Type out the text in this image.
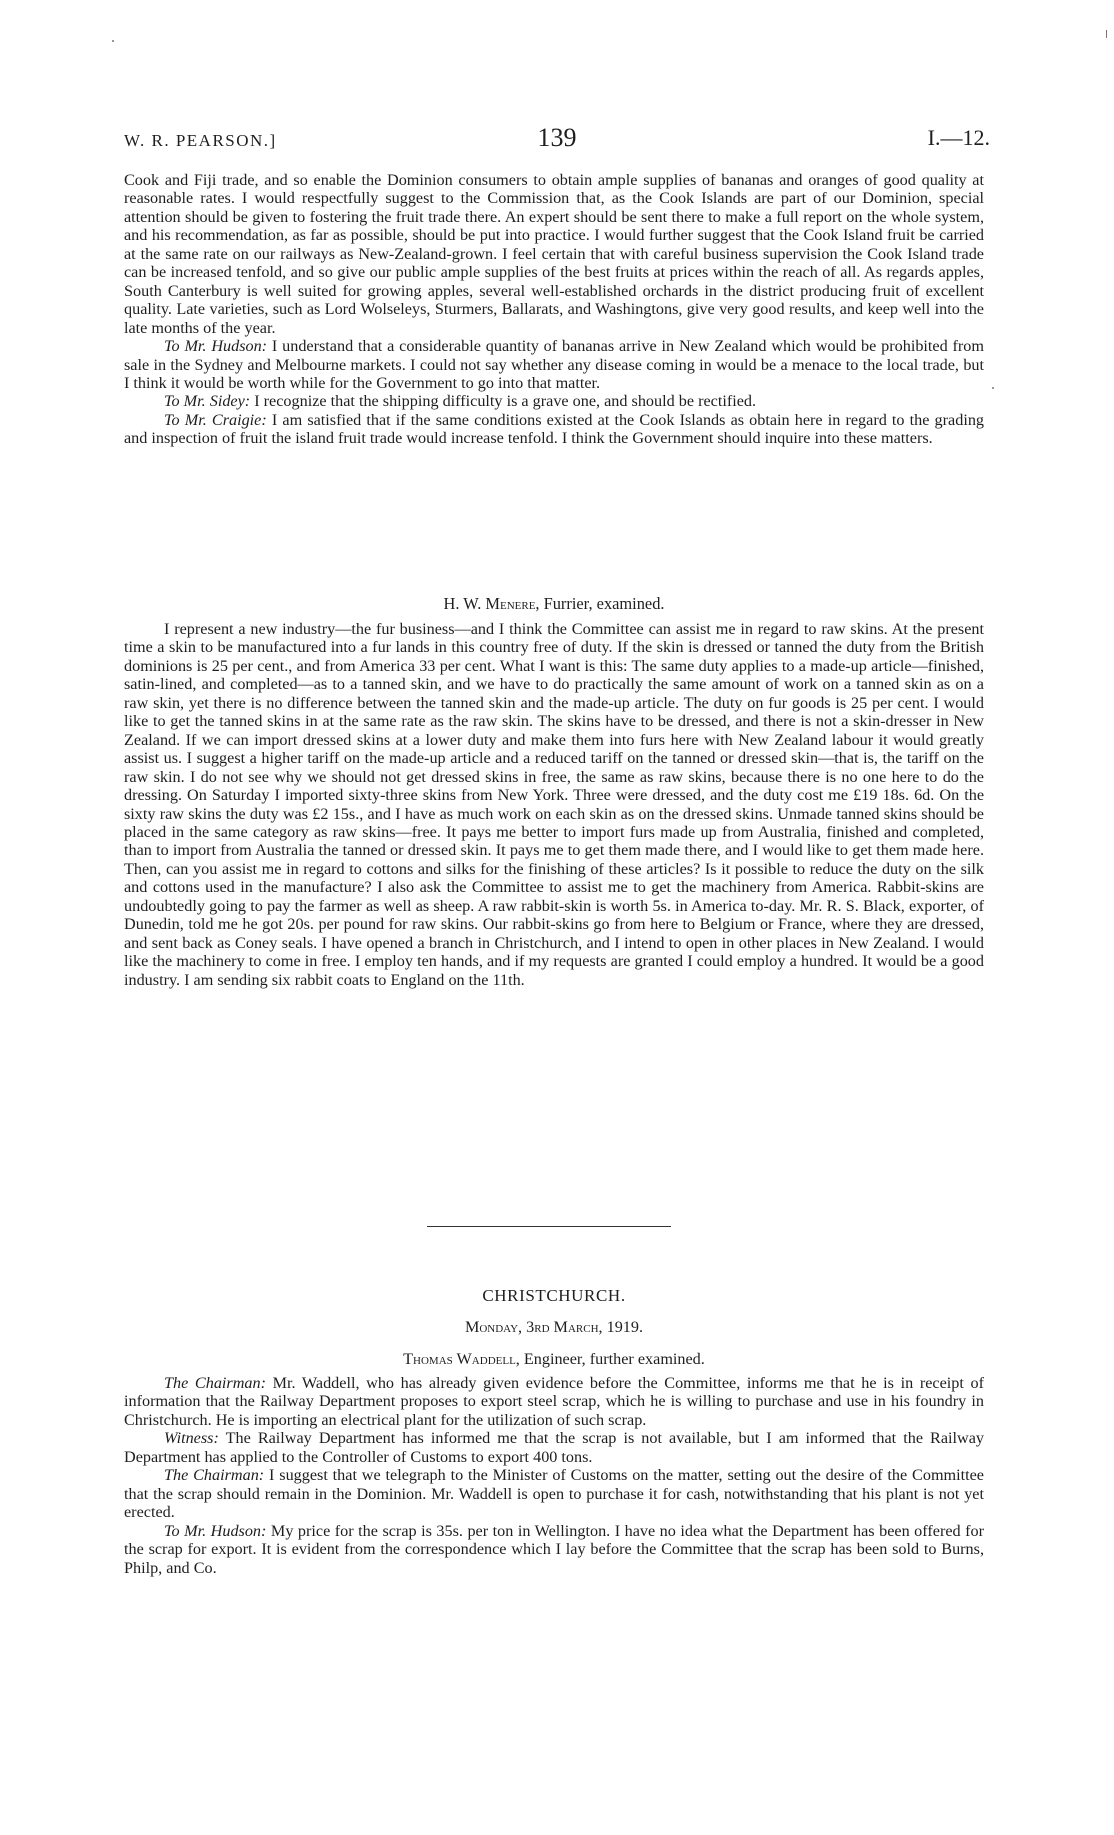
W. R. PEARSON.]	139	I.—12.

Cook and Fiji trade, and so enable the Dominion consumers to obtain ample supplies of bananas and oranges of good quality at reasonable rates. I would respectfully suggest to the Commission that, as the Cook Islands are part of our Dominion, special attention should be given to fostering the fruit trade there. An expert should be sent there to make a full report on the whole system, and his recommendation, as far as possible, should be put into practice. I would further suggest that the Cook Island fruit be carried at the same rate on our railways as New-Zealand-grown. I feel certain that with careful business supervision the Cook Island trade can be increased tenfold, and so give our public ample supplies of the best fruits at prices within the reach of all. As regards apples, South Canterbury is well suited for growing apples, several well-established orchards in the district producing fruit of excellent quality. Late varieties, such as Lord Wolseleys, Sturmers, Ballarats, and Washingtons, give very good results, and keep well into the late months of the year.

To Mr. Hudson: I understand that a considerable quantity of bananas arrive in New Zealand which would be prohibited from sale in the Sydney and Melbourne markets. I could not say whether any disease coming in would be a menace to the local trade, but I think it would be worth while for the Government to go into that matter.

To Mr. Sidey: I recognize that the shipping difficulty is a grave one, and should be rectified.

To Mr. Craigie: I am satisfied that if the same conditions existed at the Cook Islands as obtain here in regard to the grading and inspection of fruit the island fruit trade would increase tenfold. I think the Government should inquire into these matters.

H. W. Menere, Furrier, examined.

I represent a new industry—the fur business—and I think the Committee can assist me in regard to raw skins. At the present time a skin to be manufactured into a fur lands in this country free of duty. If the skin is dressed or tanned the duty from the British dominions is 25 per cent., and from America 33 per cent. What I want is this: The same duty applies to a made-up article—finished, satin-lined, and completed—as to a tanned skin, and we have to do practically the same amount of work on a tanned skin as on a raw skin, yet there is no difference between the tanned skin and the made-up article. The duty on fur goods is 25 per cent. I would like to get the tanned skins in at the same rate as the raw skin. The skins have to be dressed, and there is not a skin-dresser in New Zealand. If we can import dressed skins at a lower duty and make them into furs here with New Zealand labour it would greatly assist us. I suggest a higher tariff on the made-up article and a reduced tariff on the tanned or dressed skin—that is, the tariff on the raw skin. I do not see why we should not get dressed skins in free, the same as raw skins, because there is no one here to do the dressing. On Saturday I imported sixty-three skins from New York. Three were dressed, and the duty cost me £19 18s. 6d. On the sixty raw skins the duty was £2 15s., and I have as much work on each skin as on the dressed skins. Unmade tanned skins should be placed in the same category as raw skins—free. It pays me better to import furs made up from Australia, finished and completed, than to import from Australia the tanned or dressed skin. It pays me to get them made there, and I would like to get them made here. Then, can you assist me in regard to cottons and silks for the finishing of these articles? Is it possible to reduce the duty on the silk and cottons used in the manufacture? I also ask the Committee to assist me to get the machinery from America. Rabbit-skins are undoubtedly going to pay the farmer as well as sheep. A raw rabbit-skin is worth 5s. in America to-day. Mr. R. S. Black, exporter, of Dunedin, told me he got 20s. per pound for raw skins. Our rabbit-skins go from here to Belgium or France, where they are dressed, and sent back as Coney seals. I have opened a branch in Christchurch, and I intend to open in other places in New Zealand. I would like the machinery to come in free. I employ ten hands, and if my requests are granted I could employ a hundred. It would be a good industry. I am sending six rabbit coats to England on the 11th.

CHRISTCHURCH.
Monday, 3rd March, 1919.
Thomas Waddell, Engineer, further examined.

The Chairman: Mr. Waddell, who has already given evidence before the Committee, informs me that he is in receipt of information that the Railway Department proposes to export steel scrap, which he is willing to purchase and use in his foundry in Christchurch. He is importing an electrical plant for the utilization of such scrap.

Witness: The Railway Department has informed me that the scrap is not available, but I am informed that the Railway Department has applied to the Controller of Customs to export 400 tons.

The Chairman: I suggest that we telegraph to the Minister of Customs on the matter, setting out the desire of the Committee that the scrap should remain in the Dominion. Mr. Waddell is open to purchase it for cash, notwithstanding that his plant is not yet erected.

To Mr. Hudson: My price for the scrap is 35s. per ton in Wellington. I have no idea what the Department has been offered for the scrap for export. It is evident from the correspondence which I lay before the Committee that the scrap has been sold to Burns, Philp, and Co.
